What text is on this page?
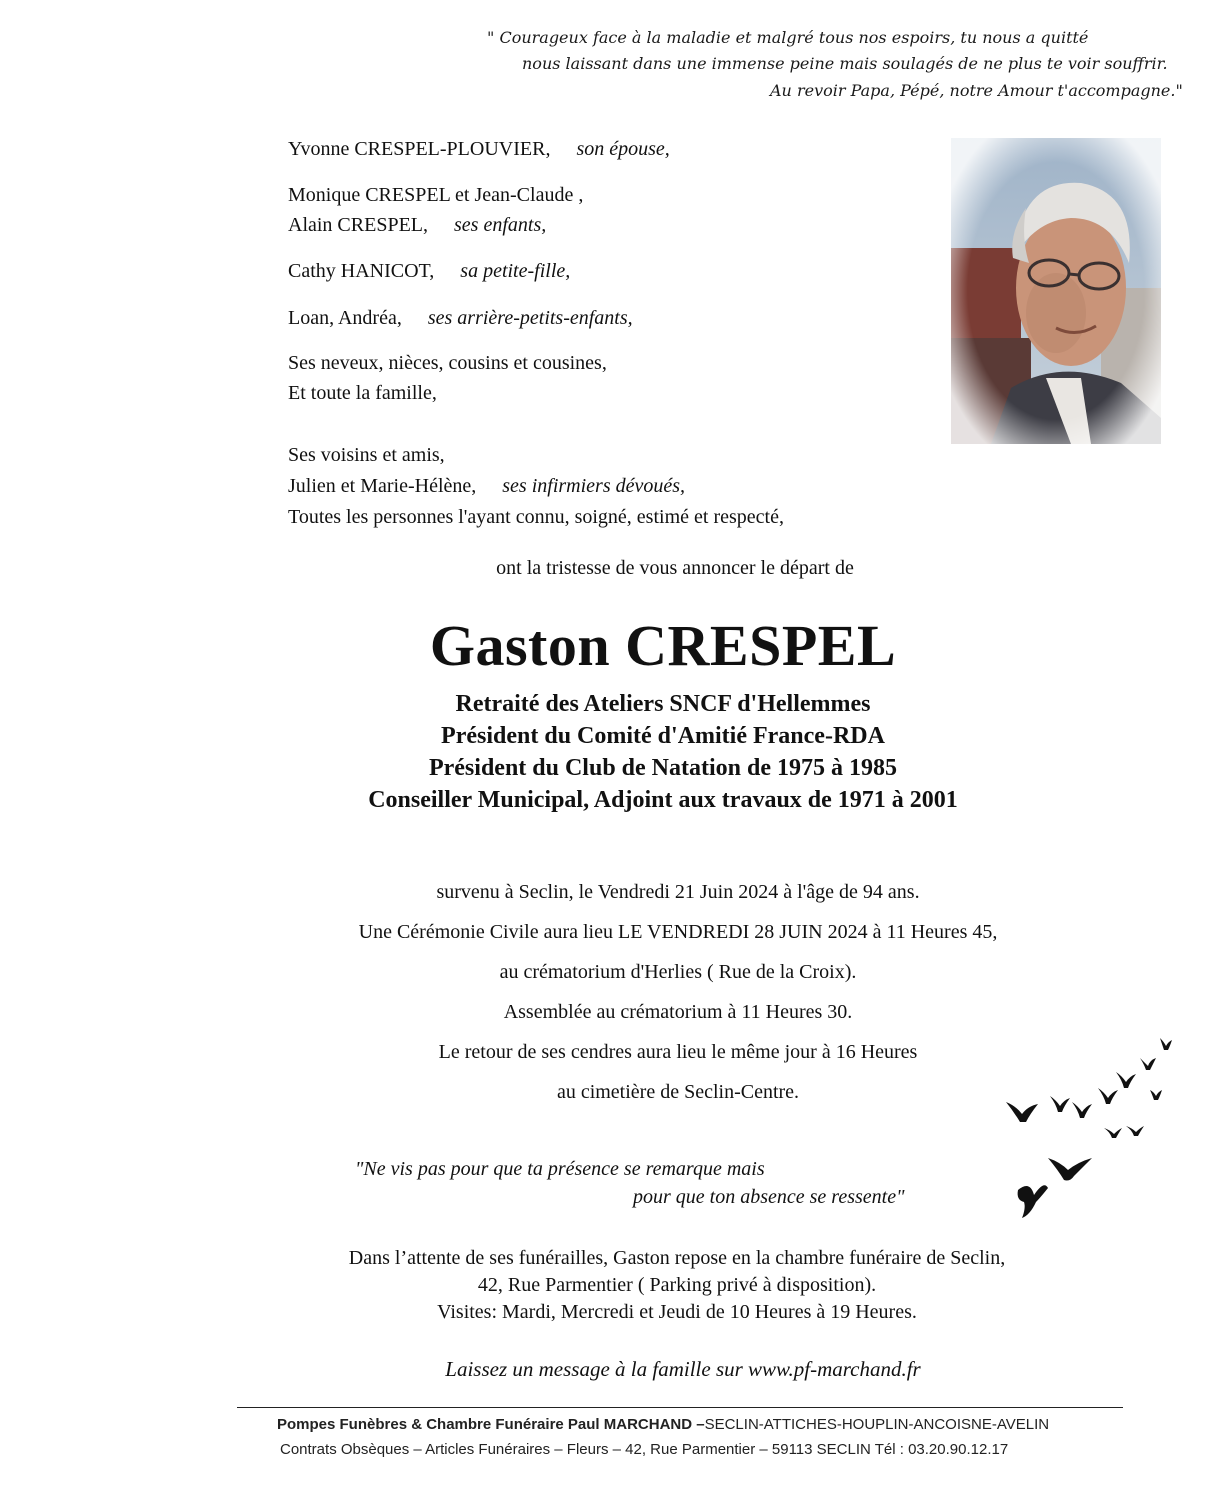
" Courageux face à la maladie et malgré tous nos espoirs, tu nous a quitté
nous laissant dans une immense peine mais soulagés de ne plus te voir souffrir.
Au revoir Papa, Pépé, notre Amour t'accompagne."
Yvonne CRESPEL-PLOUVIER, son épouse,
Monique CRESPEL et Jean-Claude ,
Alain CRESPEL, ses enfants,
Cathy HANICOT, sa petite-fille,
Loan, Andréa, ses arrière-petits-enfants,
Ses neveux, nièces, cousins et cousines,
Et toute la famille,
Ses voisins et amis,
Julien et Marie-Hélène, ses infirmiers dévoués,
Toutes les personnes l'ayant connu, soigné, estimé et respecté,
ont la tristesse de vous annoncer le départ de
Gaston CRESPEL
Retraité des Ateliers SNCF d'Hellemmes
Président du Comité d'Amitié France-RDA
Président du Club de Natation de 1975 à 1985
Conseiller Municipal, Adjoint aux travaux de 1971 à 2001
survenu à Seclin, le Vendredi 21 Juin 2024 à l'âge de 94 ans.
Une Cérémonie Civile aura lieu LE VENDREDI 28 JUIN 2024 à 11 Heures 45,
au crématorium d'Herlies ( Rue de la Croix).
Assemblée au crématorium à 11 Heures 30.
Le retour de ses cendres aura lieu le même jour à 16 Heures
au cimetière de Seclin-Centre.
"Ne vis pas pour que ta présence se remarque mais
pour que ton absence se ressente"
Dans l’attente de ses funérailles, Gaston repose en la chambre funéraire de Seclin,
42, Rue Parmentier ( Parking privé à disposition).
Visites: Mardi, Mercredi et Jeudi de 10 Heures à 19 Heures.
Laissez un message à la famille sur www.pf-marchand.fr
Pompes Funèbres & Chambre Funéraire Paul MARCHAND –SECLIN-ATTICHES-HOUPLIN-ANCOISNE-AVELIN
Contrats Obsèques – Articles Funéraires – Fleurs – 42, Rue Parmentier – 59113 SECLIN Tél : 03.20.90.12.17
